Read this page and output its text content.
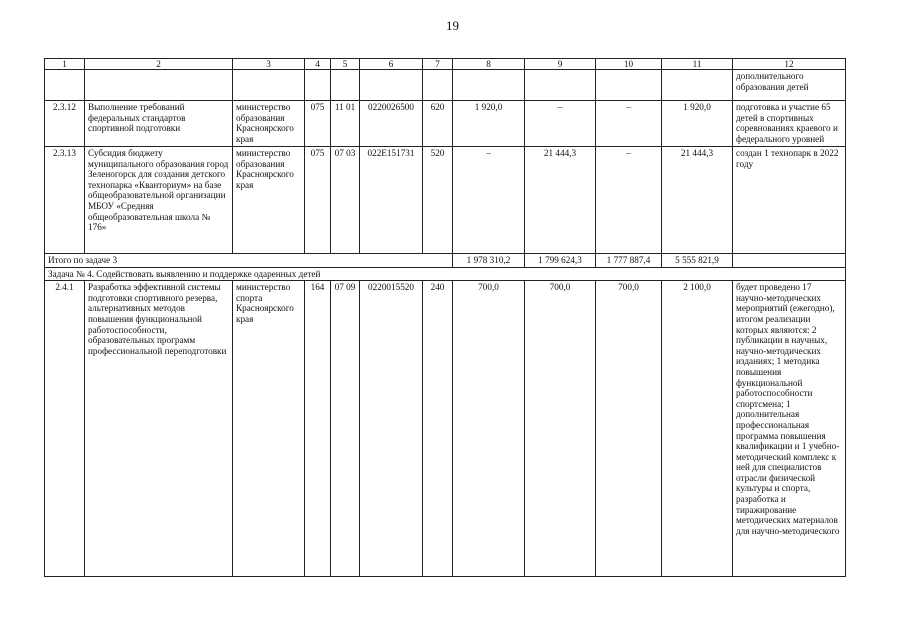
19
1	2	3	4	5	6	7	8	9	10	11	12
											дополнительного образования детей
2.3.12	Выполнение требований федеральных стандартов спортивной подготовки	министерство образования Красноярского края	075	11 01	0220026500	620	1 920,0	–	–	1 920,0	подготовка и участие 65 детей в спортивных соревнованиях краевого и федерального уровней
2.3.13	Субсидия бюджету муниципального образования город Зеленогорск для создания детского технопарка «Кванториум» на базе общеобразовательной организации МБОУ «Средняя общеобразовательная школа № 176»	министерство образования Красноярского края	075	07 03	022E151731	520	–	21 444,3	–	21 444,3	создан 1 технопарк в 2022 году
Итого по задаче 3							1 978 310,2	1 799 624,3	1 777 887,4	5 555 821,9	
Задача № 4. Содействовать выявлению и поддержке одаренных детей											
2.4.1	Разработка эффективной системы подготовки спортивного резерва, альтернативных методов повышения функциональной работоспособности, образовательных программ профессиональной переподготовки	министерство спорта Красноярского края	164	07 09	0220015520	240	700,0	700,0	700,0	2 100,0	будет проведено 17 научно-методических мероприятий (ежегодно), итогом реализации которых являются: 2 публикации в научных, научно-методических изданиях; 1 методика повышения функциональной работоспособности спортсмена; 1 дополнительная профессиональная программа повышения квалификации и 1 учебно-методический комплекс к ней для специалистов отрасли физической культуры и спорта, разработка и тиражирование методических материалов для научно-методического
